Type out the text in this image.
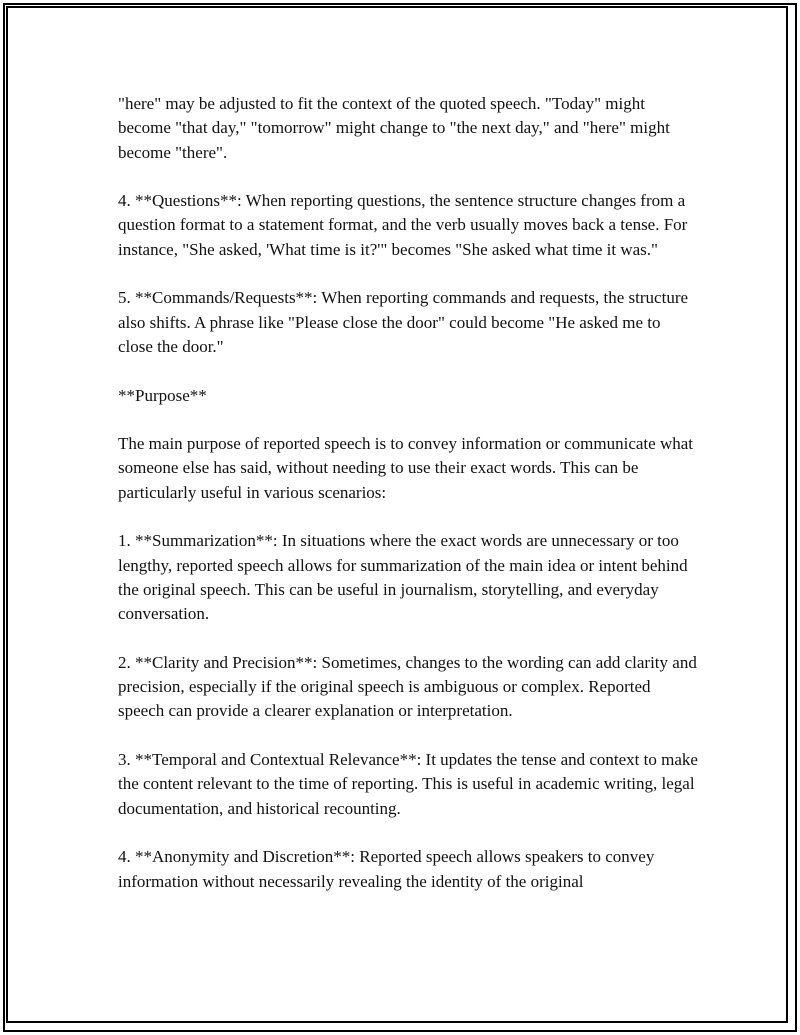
"here" may be adjusted to fit the context of the quoted speech. "Today" might become "that day," "tomorrow" might change to "the next day," and "here" might become "there".

4. **Questions**: When reporting questions, the sentence structure changes from a question format to a statement format, and the verb usually moves back a tense. For instance, "She asked, 'What time is it?'" becomes "She asked what time it was."

5. **Commands/Requests**: When reporting commands and requests, the structure also shifts. A phrase like "Please close the door" could become "He asked me to close the door."

**Purpose**

The main purpose of reported speech is to convey information or communicate what someone else has said, without needing to use their exact words. This can be particularly useful in various scenarios:

1. **Summarization**: In situations where the exact words are unnecessary or too lengthy, reported speech allows for summarization of the main idea or intent behind the original speech. This can be useful in journalism, storytelling, and everyday conversation.

2. **Clarity and Precision**: Sometimes, changes to the wording can add clarity and precision, especially if the original speech is ambiguous or complex. Reported speech can provide a clearer explanation or interpretation.

3. **Temporal and Contextual Relevance**: It updates the tense and context to make the content relevant to the time of reporting. This is useful in academic writing, legal documentation, and historical recounting.

4. **Anonymity and Discretion**: Reported speech allows speakers to convey information without necessarily revealing the identity of the original
